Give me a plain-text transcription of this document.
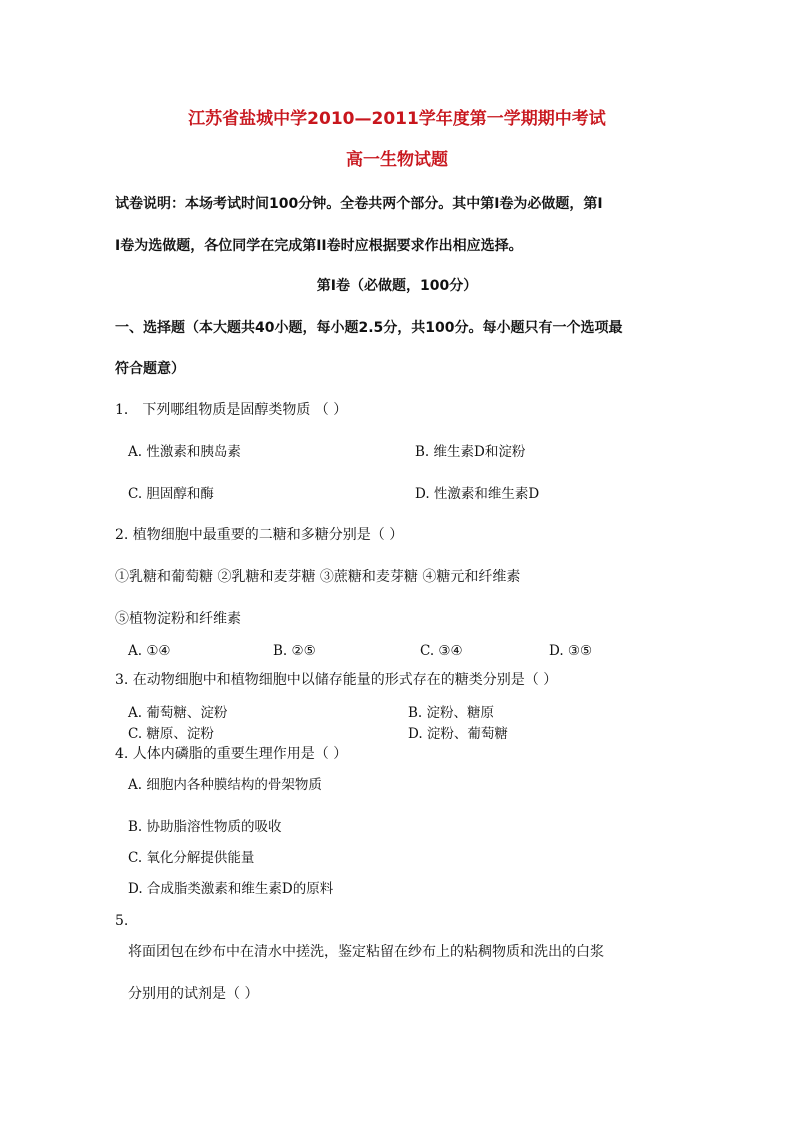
江苏省盐城中学2010—2011学年度第一学期期中考试
高一生物试题
试卷说明：本场考试时间100分钟。全卷共两个部分。其中第Ⅰ卷为必做题，第Ⅰ
Ⅰ卷为选做题，各位同学在完成第II卷时应根据要求作出相应选择。
第Ⅰ卷（必做题，100分）
一、选择题（本大题共40小题，每小题2.5分，共100分。每小题只有一个选项最
符合题意）
1． 下列哪组物质是固醇类物质 （ ）
A. 性激素和胰岛素	B. 维生素D和淀粉
C. 胆固醇和酶	D. 性激素和维生素D
2. 植物细胞中最重要的二糖和多糖分别是（ ）
①乳糖和葡萄糖 ②乳糖和麦芽糖 ③蔗糖和麦芽糖 ④糖元和纤维素
⑤植物淀粉和纤维素
A. ①④	B. ②⑤	C. ③④	D. ③⑤
3. 在动物细胞中和植物细胞中以储存能量的形式存在的糖类分别是（ ）
A. 葡萄糖、淀粉	B. 淀粉、糖原
C. 糖原、淀粉	D. 淀粉、葡萄糖
4. 人体内磷脂的重要生理作用是（ ）
A. 细胞内各种膜结构的骨架物质
B. 协助脂溶性物质的吸收
C. 氧化分解提供能量
D. 合成脂类激素和维生素D的原料
5.
将面团包在纱布中在清水中搓洗，鉴定粘留在纱布上的粘稠物质和洗出的白浆
分别用的试剂是（ ）
